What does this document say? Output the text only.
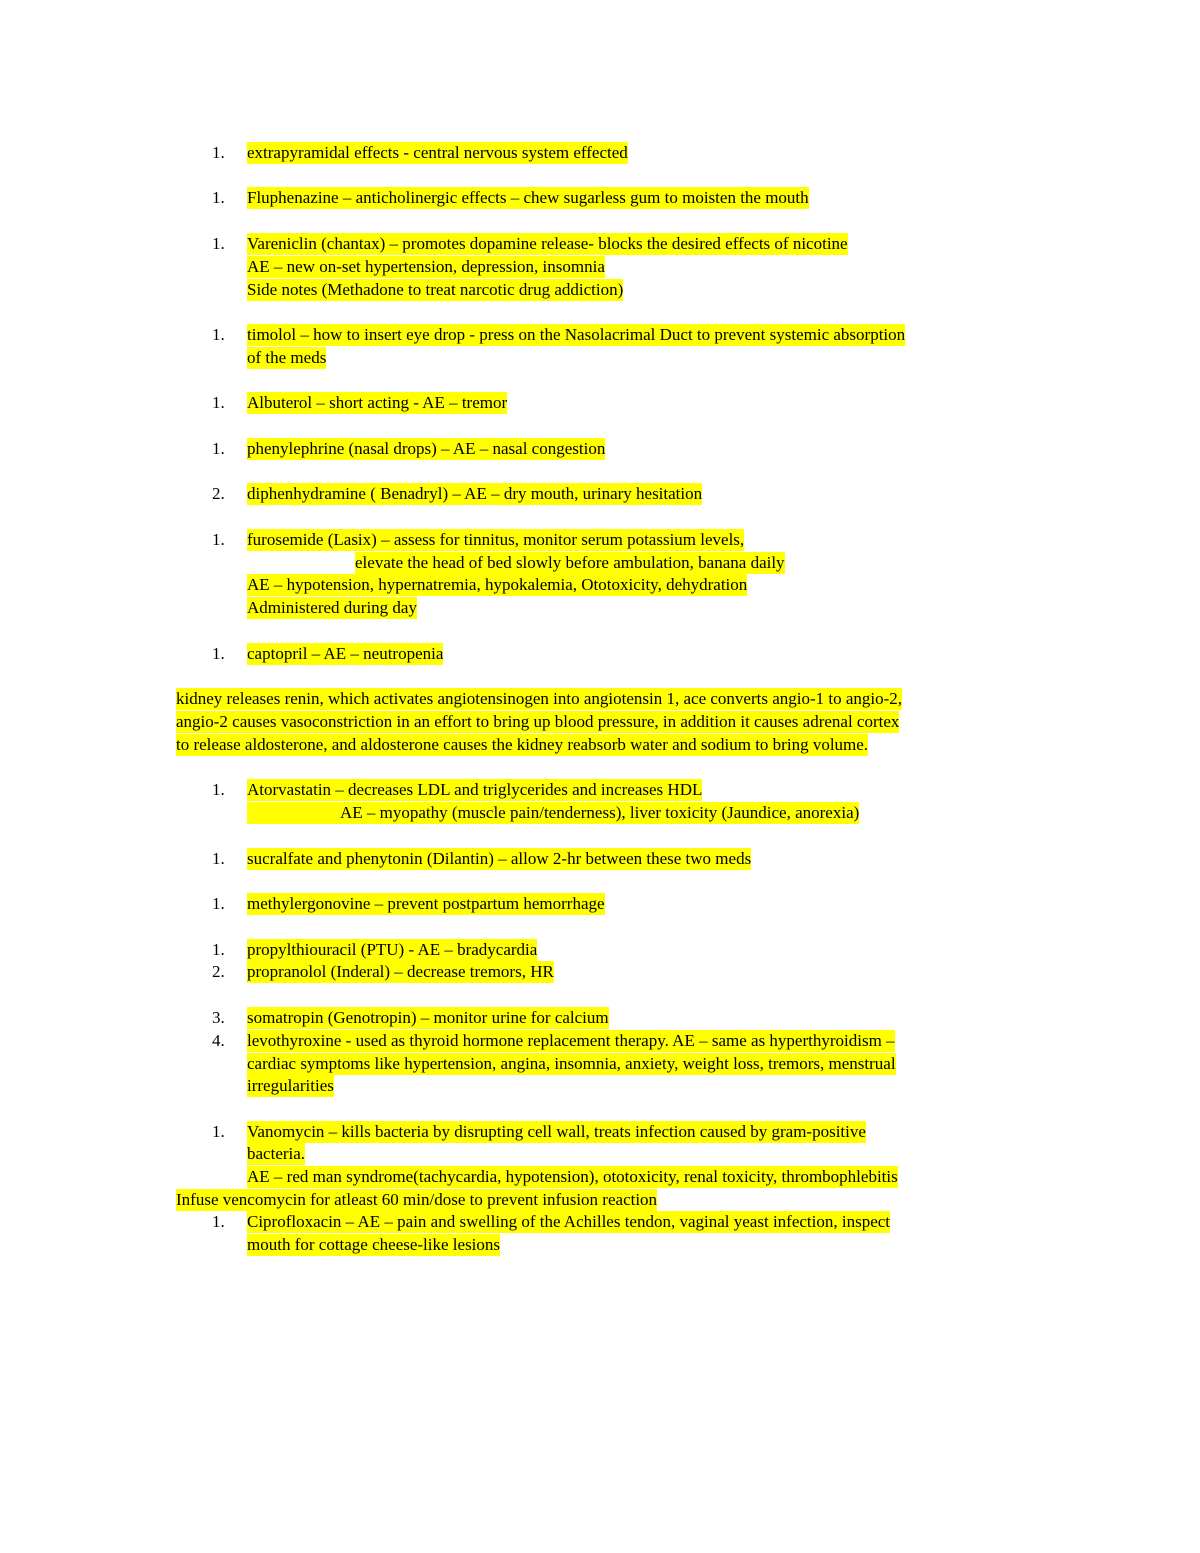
1. extrapyramidal effects - central nervous system effected
1. Fluphenazine – anticholinergic effects – chew sugarless gum to moisten the mouth
1. Vareniclin (chantax) – promotes dopamine release- blocks the desired effects of nicotine
AE – new on-set hypertension, depression, insomnia
Side notes (Methadone to treat narcotic drug addiction)
1. timolol – how to insert eye drop - press on the Nasolacrimal Duct to prevent systemic absorption
of the meds
1. Albuterol – short acting - AE – tremor
1. phenylephrine (nasal drops) – AE – nasal congestion
2. diphenhydramine ( Benadryl) – AE – dry mouth, urinary hesitation
1. furosemide (Lasix) – assess for tinnitus, monitor serum potassium levels,
elevate the head of bed slowly before ambulation, banana daily
AE – hypotension, hypernatremia, hypokalemia, Ototoxicity, dehydration
Administered during day
1. captopril – AE – neutropenia
kidney releases renin, which activates angiotensinogen into angiotensin 1, ace converts angio-1 to angio-2,
angio-2 causes vasoconstriction in an effort to bring up blood pressure, in addition it causes adrenal cortex
to release aldosterone, and aldosterone causes the kidney reabsorb water and sodium to bring volume.
1. Atorvastatin – decreases LDL and triglycerides and increases HDL
AE – myopathy (muscle pain/tenderness), liver toxicity (Jaundice, anorexia)
1. sucralfate and phenytonin (Dilantin) – allow 2-hr between these two meds
1. methylergonovine – prevent postpartum hemorrhage
1. propylthiouracil (PTU) - AE – bradycardia
2. propranolol (Inderal) – decrease tremors, HR
3. somatropin (Genotropin) – monitor urine for calcium
4. levothyroxine - used as thyroid hormone replacement therapy. AE – same as hyperthyroidism –
cardiac symptoms like hypertension, angina, insomnia, anxiety, weight loss, tremors, menstrual
irregularities
1. Vanomycin – kills bacteria by disrupting cell wall, treats infection caused by gram-positive
bacteria.
AE – red man syndrome(tachycardia, hypotension), ototoxicity, renal toxicity, thrombophlebitis
Infuse vencomycin for atleast 60 min/dose to prevent infusion reaction
1. Ciprofloxacin – AE – pain and swelling of the Achilles tendon, vaginal yeast infection, inspect
mouth for cottage cheese-like lesions
